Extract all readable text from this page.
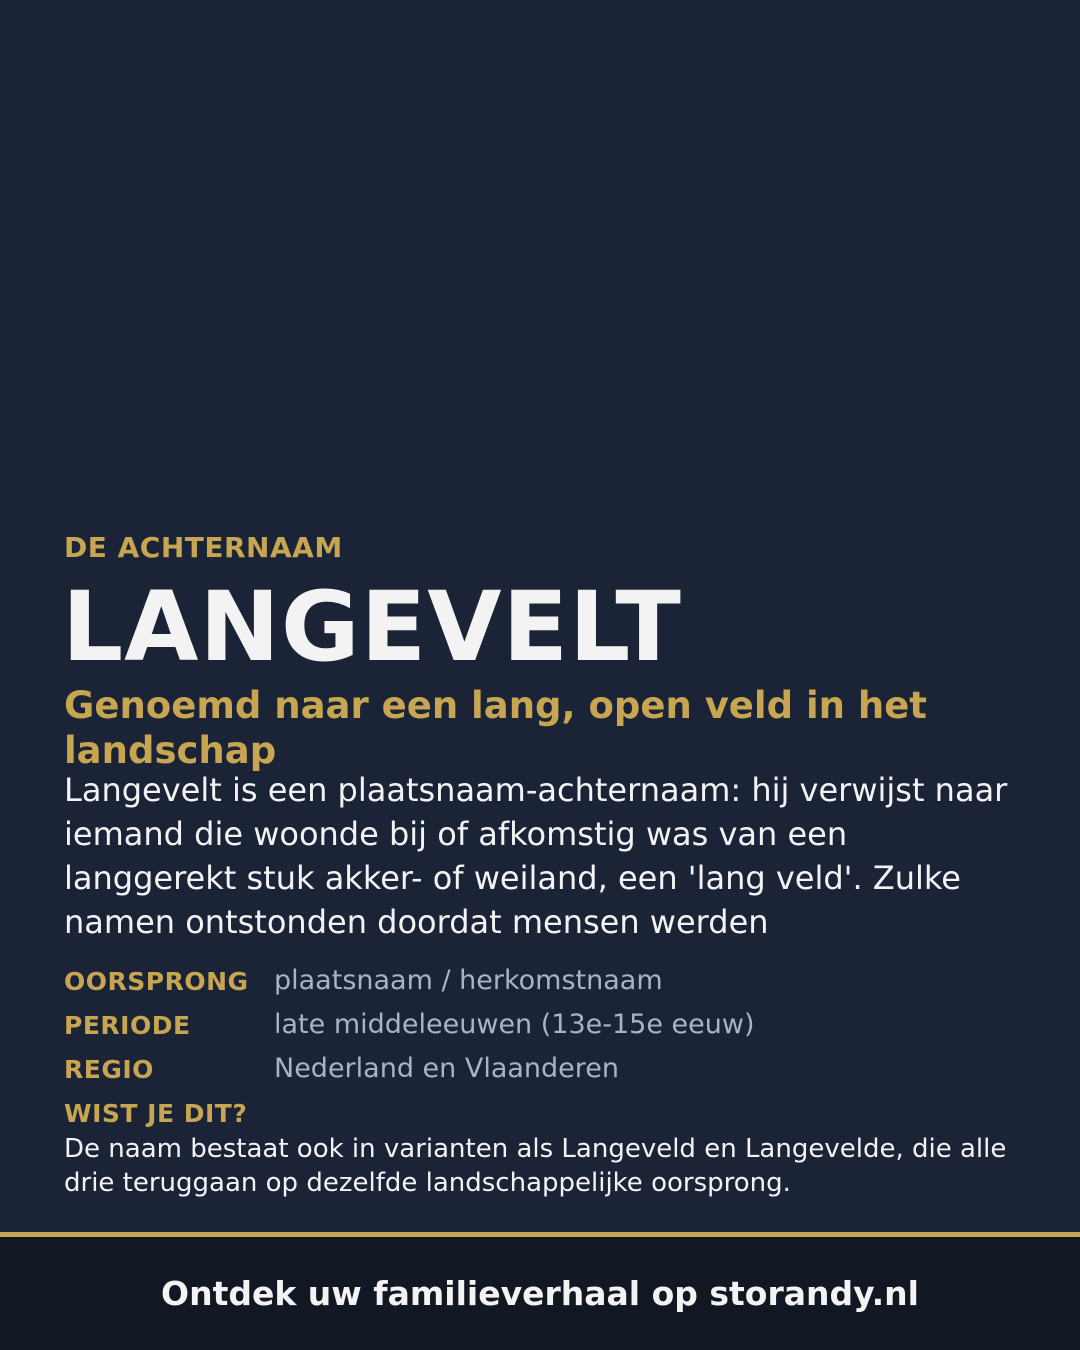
DE ACHTERNAAM
LANGEVELT
Genoemd naar een lang, open veld in het landschap

Langevelt is een plaatsnaam-achternaam: hij verwijst naar iemand die woonde bij of afkomstig was van een langgerekt stuk akker- of weiland, een 'lang veld'. Zulke namen ontstonden doordat mensen werden

OORSPRONG plaatsnaam / herkomstnaam
PERIODE	late middeleeuwen (13e-15e eeuw)
REGIO	Nederland en Vlaanderen
WIST JE DIT?

De naam bestaat ook in varianten als Langeveld en Langevelde, die alle drie teruggaan op dezelfde landschappelijke oorsprong.

Ontdek uw familieverhaal op storandy.nl
